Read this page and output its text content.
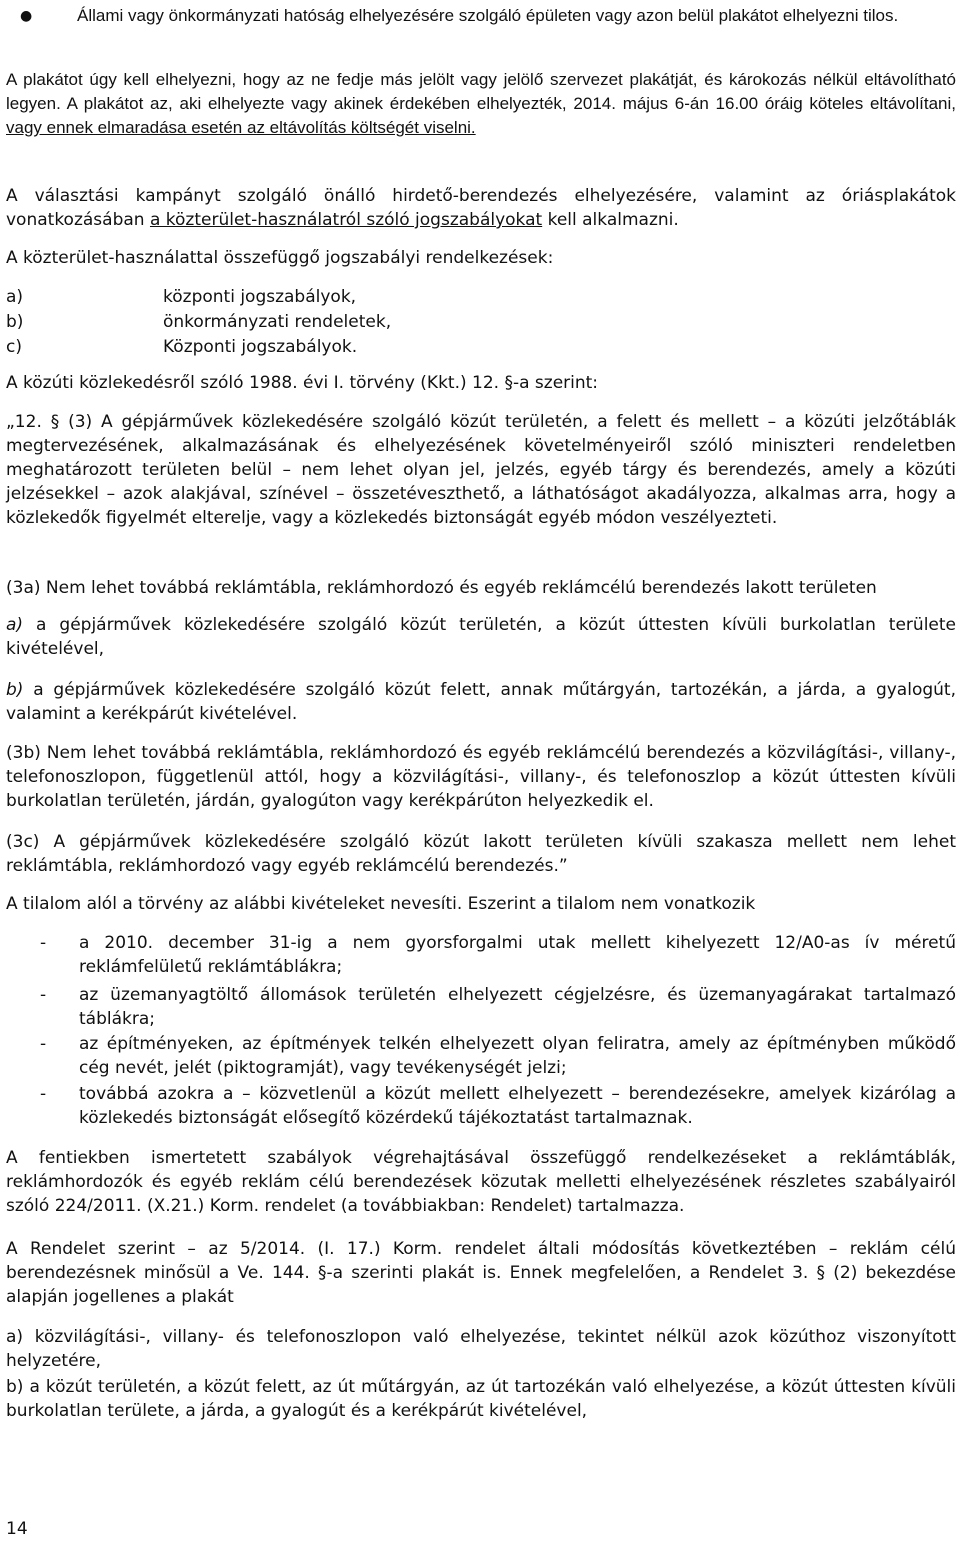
●	Állami vagy önkormányzati hatóság elhelyezésére szolgáló épületen vagy azon belül plakátot elhelyezni tilos.

A plakátot úgy kell elhelyezni, hogy az ne fedje más jelölt vagy jelölő szervezet plakátját, és károkozás nélkül eltávolítható legyen. A plakátot az, aki elhelyezte vagy akinek érdekében elhelyezték, 2014. május 6-án 16.00 óráig köteles eltávolítani, vagy ennek elmaradása esetén az eltávolítás költségét viselni.

A választási kampányt szolgáló önálló hirdető-berendezés elhelyezésére, valamint az óriásplakátok vonatkozásában a közterület-használatról szóló jogszabályokat kell alkalmazni.

A közterület-használattal összefüggő jogszabályi rendelkezések:

a)	központi jogszabályok,
b)	önkormányzati rendeletek,
c)	Központi jogszabályok.

A közúti közlekedésről szóló 1988. évi I. törvény (Kkt.) 12. §-a szerint:

„12. § (3) A gépjárművek közlekedésére szolgáló közút területén, a felett és mellett – a közúti jelzőtáblák megtervezésének, alkalmazásának és elhelyezésének követelményeiről szóló miniszteri rendeletben meghatározott területen belül – nem lehet olyan jel, jelzés, egyéb tárgy és berendezés, amely a közúti jelzésekkel – azok alakjával, színével – összetéveszthető, a láthatóságot akadályozza, alkalmas arra, hogy a közlekedők figyelmét elterelje, vagy a közlekedés biztonságát egyéb módon veszélyezteti.

(3a) Nem lehet továbbá reklámtábla, reklámhordozó és egyéb reklámcélú berendezés lakott területen

a) a gépjárművek közlekedésére szolgáló közút területén, a közút úttesten kívüli burkolatlan területe kivételével,

b) a gépjárművek közlekedésére szolgáló közút felett, annak műtárgyán, tartozékán, a járda, a gyalogút, valamint a kerékpárút kivételével.

(3b) Nem lehet továbbá reklámtábla, reklámhordozó és egyéb reklámcélú berendezés a közvilágítási-, villany-, telefonoszlopon, függetlenül attól, hogy a közvilágítási-, villany-, és telefonoszlop a közút úttesten kívüli burkolatlan területén, járdán, gyalogúton vagy kerékpárúton helyezkedik el.

(3c) A gépjárművek közlekedésére szolgáló közút lakott területen kívüli szakasza mellett nem lehet reklámtábla, reklámhordozó vagy egyéb reklámcélú berendezés.”

A tilalom alól a törvény az alábbi kivételeket nevesíti. Eszerint a tilalom nem vonatkozik

- a 2010. december 31-ig a nem gyorsforgalmi utak mellett kihelyezett 12/A0-as ív méretű reklámfelületű reklámtáblákra;

- az üzemanyagtöltő állomások területén elhelyezett cégjelzésre, és üzemanyagárakat tartalmazó táblákra;

- az építményeken, az építmények telkén elhelyezett olyan feliratra, amely az építményben működő cég nevét, jelét (piktogramját), vagy tevékenységét jelzi;

- továbbá azokra a – közvetlenül a közút mellett elhelyezett – berendezésekre, amelyek kizárólag a közlekedés biztonságát elősegítő közérdekű tájékoztatást tartalmaznak.

A fentiekben ismertetett szabályok végrehajtásával összefüggő rendelkezéseket a reklámtáblák, reklámhordozók és egyéb reklám célú berendezések közutak melletti elhelyezésének részletes szabályairól szóló 224/2011. (X.21.) Korm. rendelet (a továbbiakban: Rendelet) tartalmazza.

A Rendelet szerint – az 5/2014. (I. 17.) Korm. rendelet általi módosítás következtében – reklám célú berendezésnek minősül a Ve. 144. §-a szerinti plakát is. Ennek megfelelően, a Rendelet 3. § (2) bekezdése alapján jogellenes a plakát

a) közvilágítási-, villany- és telefonoszlopon való elhelyezése, tekintet nélkül azok közúthoz viszonyított helyzetére,

b) a közút területén, a közút felett, az út műtárgyán, az út tartozékán való elhelyezése, a közút úttesten kívüli burkolatlan területe, a járda, a gyalogút és a kerékpárút kivételével,

14
